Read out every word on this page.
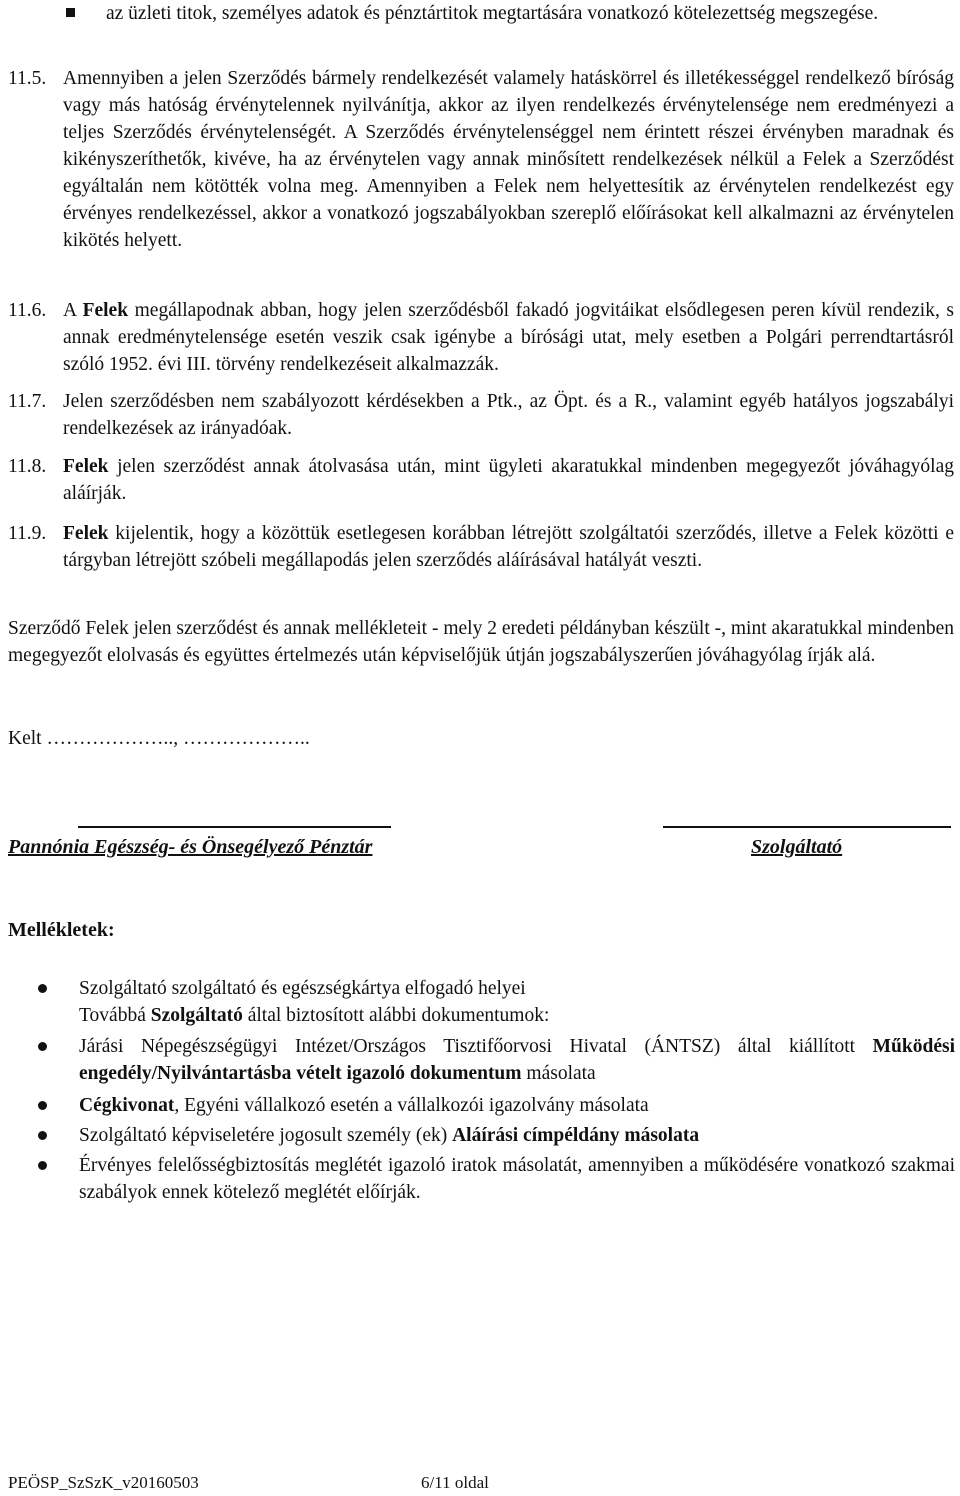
az üzleti titok, személyes adatok és pénztártitok megtartására vonatkozó kötelezettség megszegése.
11.5. Amennyiben a jelen Szerződés bármely rendelkezését valamely hatáskörrel és illetékességgel rendelkező bíróság vagy más hatóság érvénytelennek nyilvánítja, akkor az ilyen rendelkezés érvénytelensége nem eredményezi a teljes Szerződés érvénytelenségét. A Szerződés érvénytelenséggel nem érintett részei érvényben maradnak és kikényszeríthetők, kivéve, ha az érvénytelen vagy annak minősített rendelkezések nélkül a Felek a Szerződést egyáltalán nem kötötték volna meg. Amennyiben a Felek nem helyettesítik az érvénytelen rendelkezést egy érvényes rendelkezéssel, akkor a vonatkozó jogszabályokban szereplő előírásokat kell alkalmazni az érvénytelen kikötés helyett.
11.6. A Felek megállapodnak abban, hogy jelen szerződésből fakadó jogvitáikat elsődlegesen peren kívül rendezik, s annak eredménytelensége esetén veszik csak igénybe a bírósági utat, mely esetben a Polgári perrendtartásról szóló 1952. évi III. törvény rendelkezéseit alkalmazzák.
11.7. Jelen szerződésben nem szabályozott kérdésekben a Ptk., az Öpt. és a R., valamint egyéb hatályos jogszabályi rendelkezések az irányadóak.
11.8. Felek jelen szerződést annak átolvasása után, mint ügyleti akaratukkal mindenben megegyezőt jóváhagyólag aláírják.
11.9. Felek kijelentik, hogy a közöttük esetlegesen korábban létrejött szolgáltatói szerződés, illetve a Felek közötti e tárgyban létrejött szóbeli megállapodás jelen szerződés aláírásával hatályát veszti.
Szerződő Felek jelen szerződést és annak mellékleteit - mely 2 eredeti példányban készült -, mint akaratukkal mindenben megegyezőt elolvasás és együttes értelmezés után képviselőjük útján jogszabályszerűen jóváhagyólag írják alá.
Kelt ……………….., ………………..
Pannónia Egészség- és Önsegélyező Pénztár	Szolgáltató
Mellékletek:
Szolgáltató szolgáltató és egészségkártya elfogadó helyei
Továbbá Szolgáltató által biztosított alábbi dokumentumok:
Járási Népegészségügyi Intézet/Országos Tisztifőorvosi Hivatal (ÁNTSZ) által kiállított Működési engedély/Nyilvántartásba vételt igazoló dokumentum másolata
Cégkivonat, Egyéni vállalkozó esetén a vállalkozói igazolvány másolata
Szolgáltató képviseletére jogosult személy (ek) Aláírási címpéldány másolata
Érvényes felelősségbiztosítás meglétét igazoló iratok másolatát, amennyiben a működésére vonatkozó szakmai szabályok ennek kötelező meglétét előírják.
PEÖSP_SzSzK_v20160503	6/11 oldal
